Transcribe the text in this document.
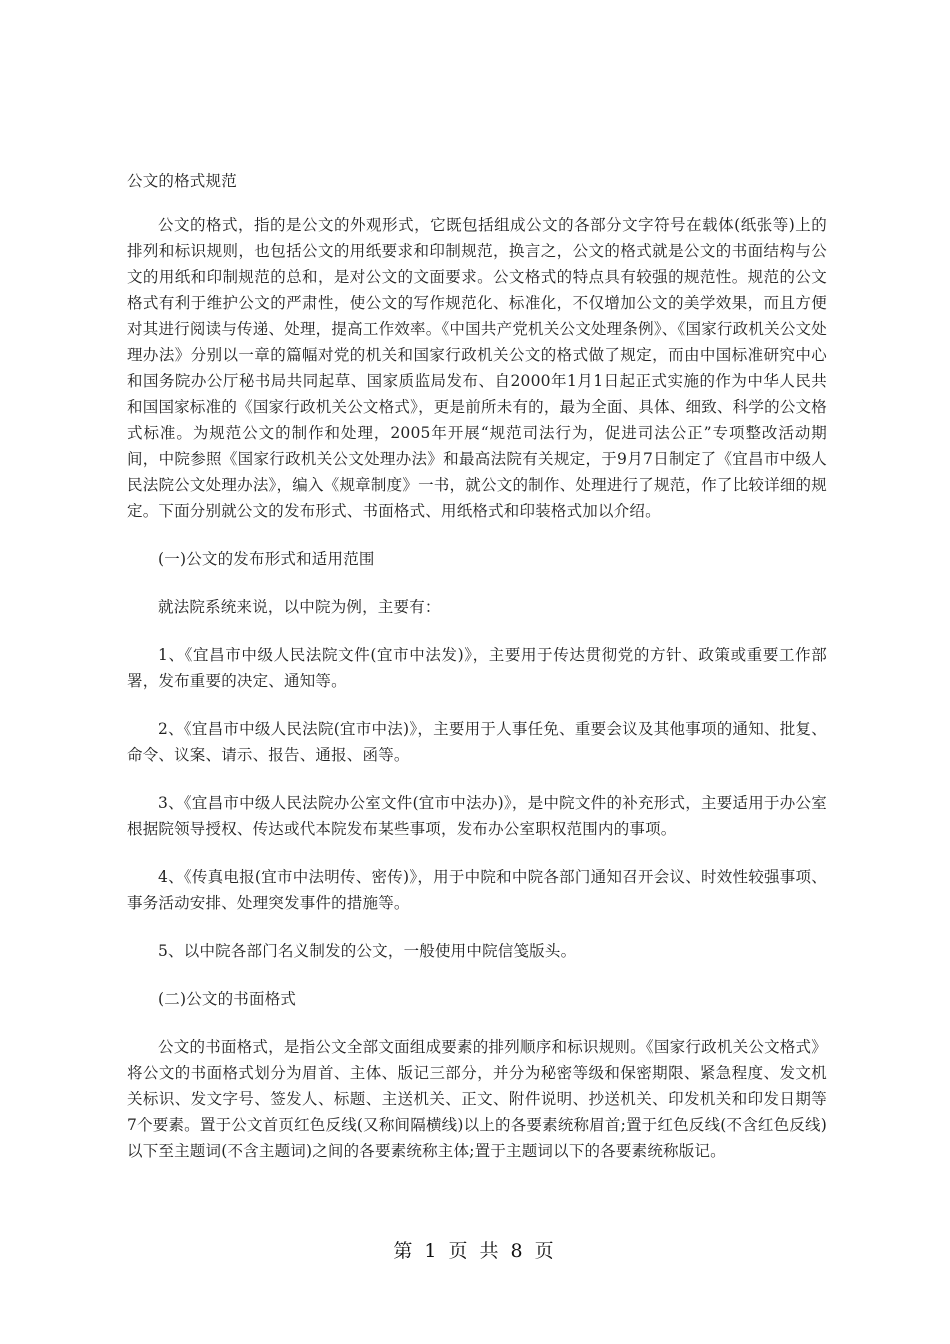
公文的格式规范

公文的格式，指的是公文的外观形式，它既包括组成公文的各部分文字符号在载体(纸张等)上的排列和标识规则，也包括公文的用纸要求和印制规范，换言之，公文的格式就是公文的书面结构与公文的用纸和印制规范的总和，是对公文的文面要求。公文格式的特点具有较强的规范性。规范的公文格式有利于维护公文的严肃性，使公文的写作规范化、标准化，不仅增加公文的美学效果，而且方便对其进行阅读与传递、处理，提高工作效率。《中国共产党机关公文处理条例》、《国家行政机关公文处理办法》分别以一章的篇幅对党的机关和国家行政机关公文的格式做了规定，而由中国标准研究中心和国务院办公厅秘书局共同起草、国家质监局发布、自2000年1月1日起正式实施的作为中华人民共和国国家标准的《国家行政机关公文格式》，更是前所未有的，最为全面、具体、细致、科学的公文格式标准。为规范公文的制作和处理，2005年开展“规范司法行为，促进司法公正”专项整改活动期间，中院参照《国家行政机关公文处理办法》和最高法院有关规定，于9月7日制定了《宜昌市中级人民法院公文处理办法》，编入《规章制度》一书，就公文的制作、处理进行了规范，作了比较详细的规定。下面分别就公文的发布形式、书面格式、用纸格式和印装格式加以介绍。

(一)公文的发布形式和适用范围

就法院系统来说，以中院为例，主要有：

1、《宜昌市中级人民法院文件(宜市中法发)》，主要用于传达贯彻党的方针、政策或重要工作部署，发布重要的决定、通知等。

2、《宜昌市中级人民法院(宜市中法)》，主要用于人事任免、重要会议及其他事项的通知、批复、命令、议案、请示、报告、通报、函等。

3、《宜昌市中级人民法院办公室文件(宜市中法办)》，是中院文件的补充形式，主要适用于办公室根据院领导授权、传达或代本院发布某些事项，发布办公室职权范围内的事项。

4、《传真电报(宜市中法明传、密传)》，用于中院和中院各部门通知召开会议、时效性较强事项、事务活动安排、处理突发事件的措施等。

5、以中院各部门名义制发的公文，一般使用中院信笺版头。

(二)公文的书面格式

公文的书面格式，是指公文全部文面组成要素的排列顺序和标识规则。《国家行政机关公文格式》将公文的书面格式划分为眉首、主体、版记三部分，并分为秘密等级和保密期限、紧急程度、发文机关标识、发文字号、签发人、标题、主送机关、正文、附件说明、抄送机关、印发机关和印发日期等7个要素。置于公文首页红色反线(又称间隔横线)以上的各要素统称眉首;置于红色反线(不含红色反线)以下至主题词(不含主题词)之间的各要素统称主体;置于主题词以下的各要素统称版记。

第 1 页 共 8 页
